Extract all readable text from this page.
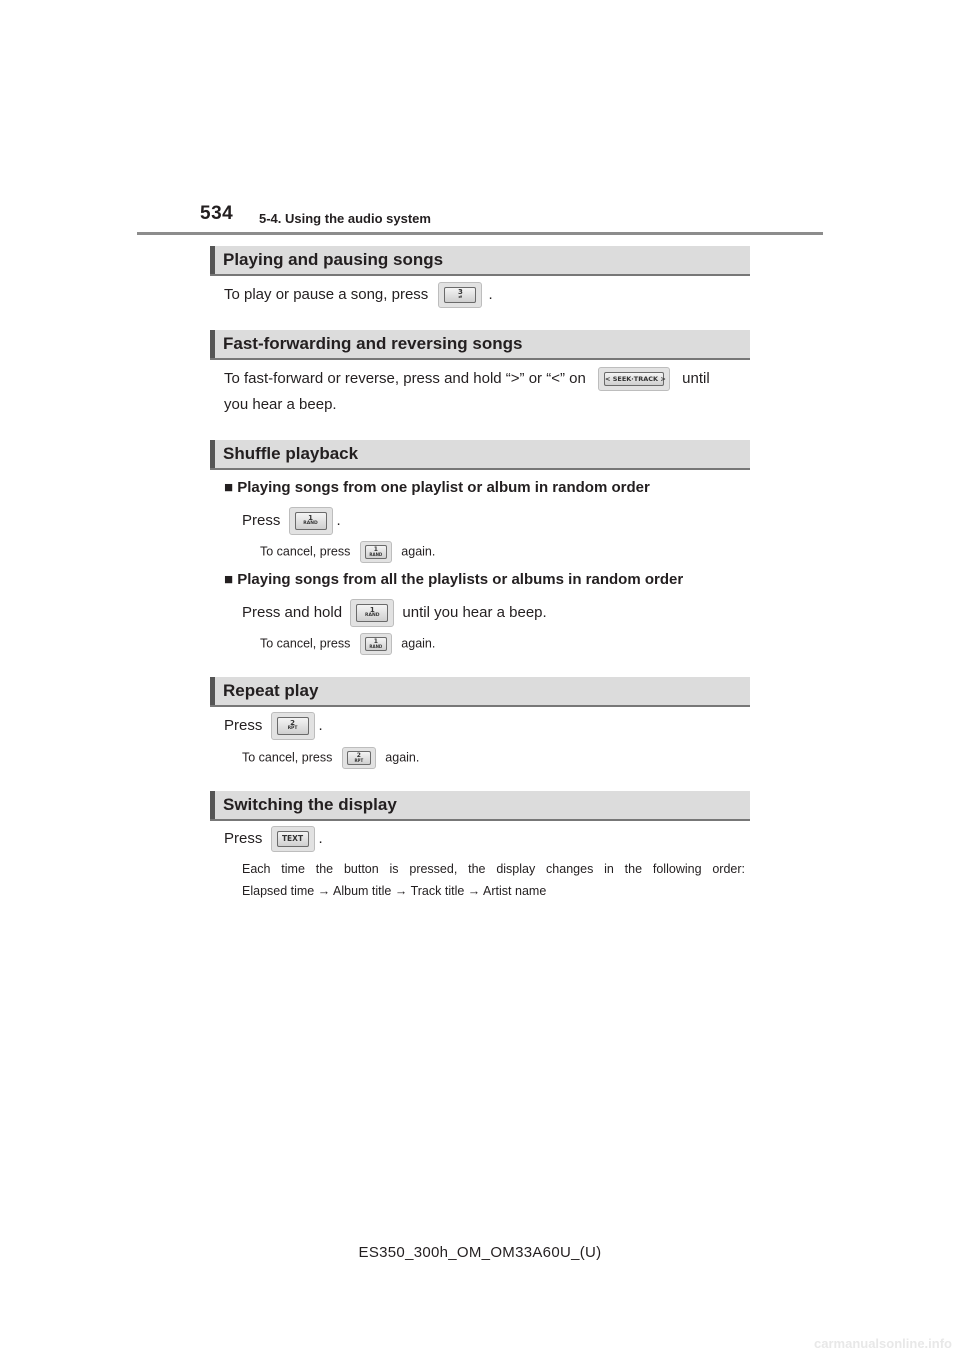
534 5-4. Using the audio system
Playing and pausing songs
To play or pause a song, press	3
⏯	.
Fast-forwarding and reversing songs
To fast-forward or reverse, press and hold “>” or “<” on	< SEEK·TRACK > until
you hear a beep.
Shuffle playback
■ Playing songs from one playlist or album in random order
Press	1
RAND	.
To cancel, press	1
RAND again.
■ Playing songs from all the playlists or albums in random order
Press and hold	1
RAND	until you hear a beep.
To cancel, press	1
RAND again.
Repeat play
Press	2
RPT	.
To cancel, press	2
RPT	again.
Switching the display
Press	TEXT	.
Each time the button is pressed, the display changes in the following order:
Elapsed time → Album title → Track title → Artist name
ES350_300h_OM_OM33A60U_(U)
carmanualsonline.info
